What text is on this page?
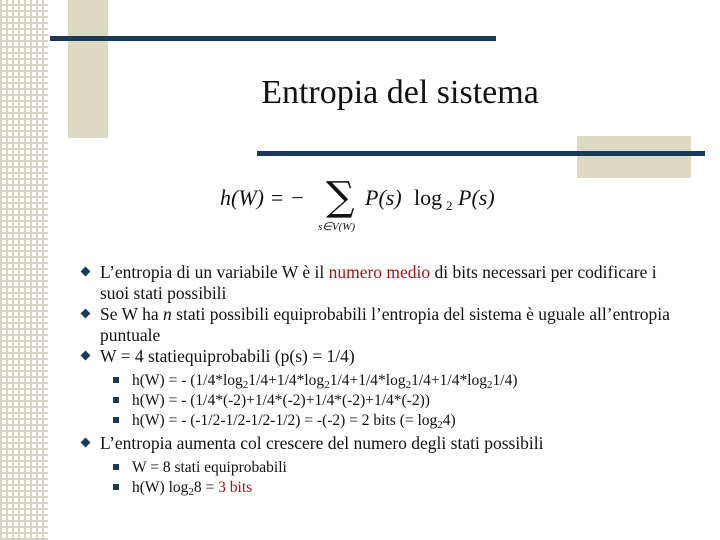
Entropia del sistema
h(W) = − ∑
s∈V(W)
P(s) log 2 P(s)

L’entropia di un variabile W è il numero medio di bits necessari per codificare i suoi stati possibili

Se W ha n stati possibili equiprobabili l’entropia del sistema è uguale all’entropia puntuale

W = 4 statiequiprobabili (p(s) = 1/4)

h(W) = - $(1/4*\log_21/4+1/4*\log_21/4+1/4*\log_21/4+1/4*\log_21/4)$

h(W) = - (1/4*(-2)+1/4*(-2)+1/4*(-2)+1/4*(-2))

h(W) = - (-1/2-1/2-1/2-1/2) = -(-2) = 2 bits (= $\log_24$)

L’entropia aumenta col crescere del numero degli stati possibili

W = 8 stati equiprobabili

h(W) $\log_28 = 3$ bits
